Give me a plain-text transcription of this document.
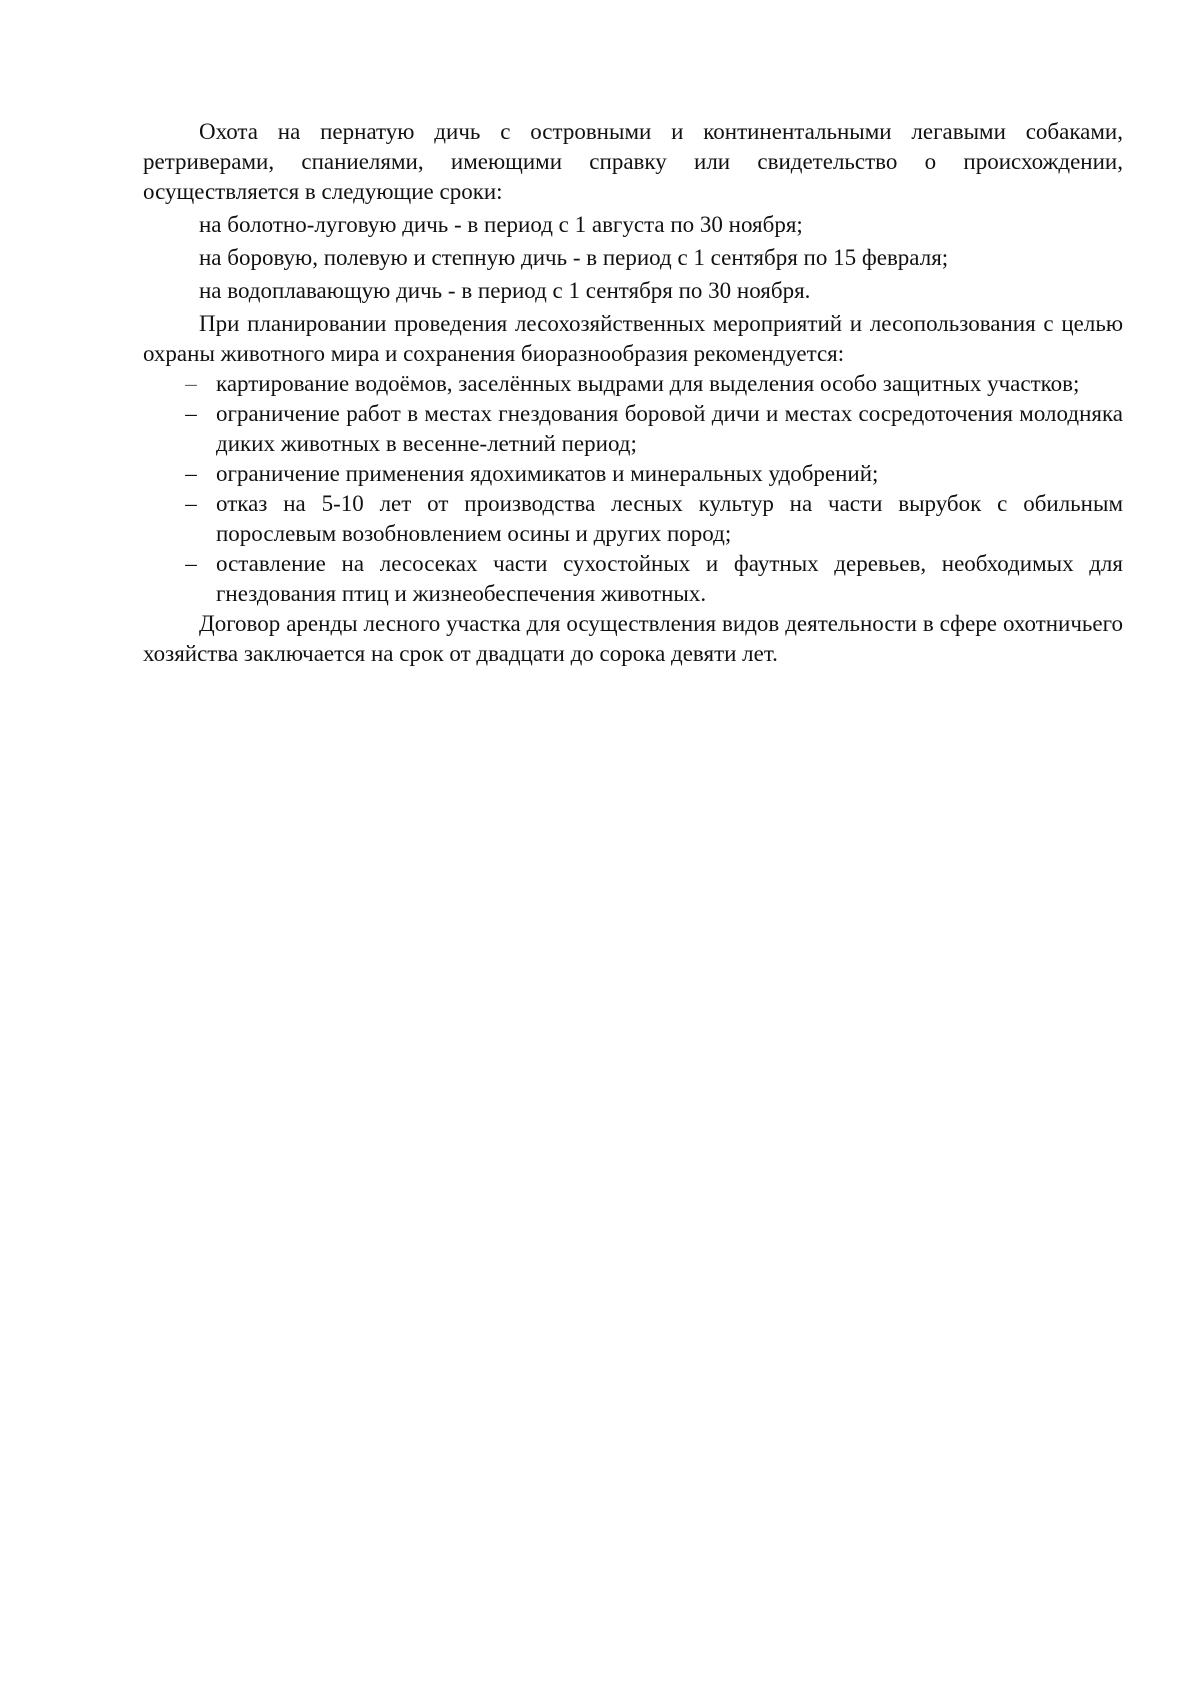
Охота на пернатую дичь с островными и континентальными легавыми собаками, ретриверами, спаниелями, имеющими справку или свидетельство о происхождении, осуществляется в следующие сроки:

на болотно-луговую дичь - в период с 1 августа по 30 ноября;

на боровую, полевую и степную дичь - в период с 1 сентября по 15 февраля;

на водоплавающую дичь - в период с 1 сентября по 30 ноября.

При планировании проведения лесохозяйственных мероприятий и лесопользования с целью охраны животного мира и сохранения биоразнообразия рекомендуется:

– картирование водоёмов, заселённых выдрами для выделения особо защитных участков;
– ограничение работ в местах гнездования боровой дичи и местах сосредоточения молодняка диких животных в весенне-летний период;
– ограничение применения ядохимикатов и минеральных удобрений;
– отказ на 5-10 лет от производства лесных культур на части вырубок с обильным порослевым возобновлением осины и других пород;
– оставление на лесосеках части сухостойных и фаутных деревьев, необходимых для гнездования птиц и жизнеобеспечения животных.

Договор аренды лесного участка для осуществления видов деятельности в сфере охотничьего хозяйства заключается на срок от двадцати до сорока девяти лет.
